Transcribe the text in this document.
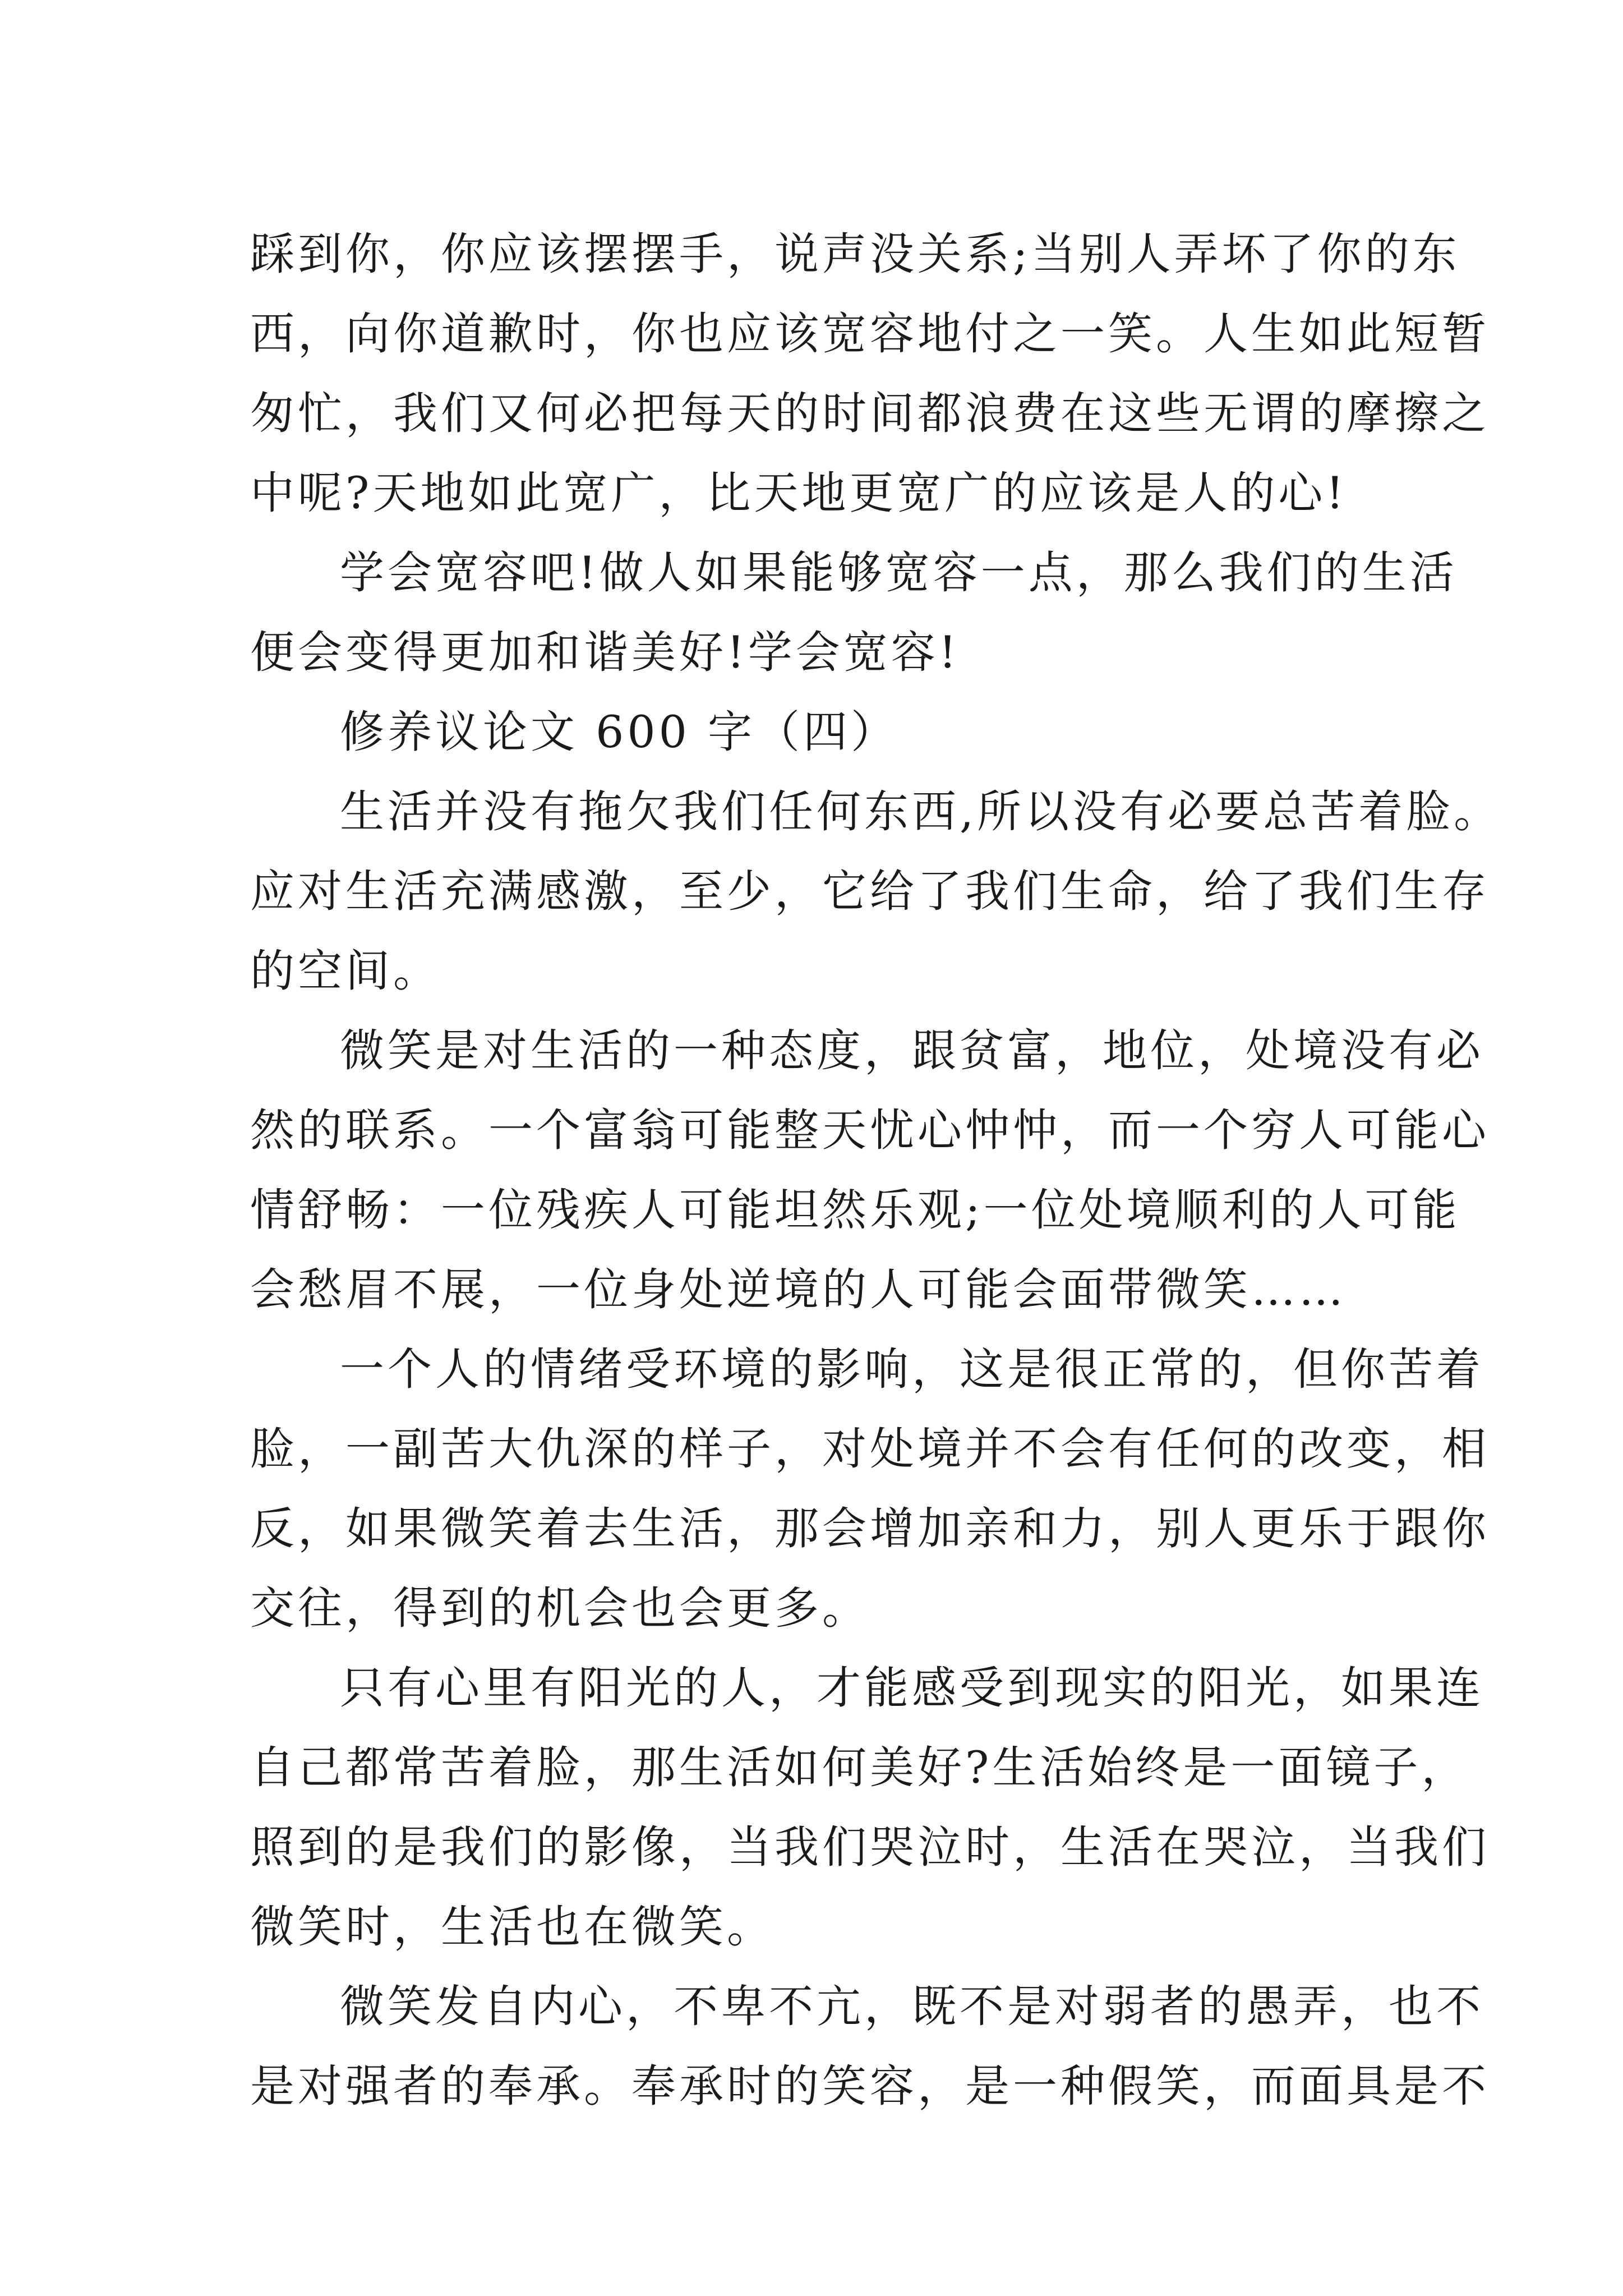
踩到你，你应该摆摆手，说声没关系;当别人弄坏了你的东
西，向你道歉时，你也应该宽容地付之一笑。人生如此短暂
匆忙，我们又何必把每天的时间都浪费在这些无谓的摩擦之
中呢?天地如此宽广，比天地更宽广的应该是人的心!
学会宽容吧!做人如果能够宽容一点，那么我们的生活
便会变得更加和谐美好!学会宽容!
修养议论文 600 字（四）
生活并没有拖欠我们任何东西,所以没有必要总苦着脸。
应对生活充满感激，至少，它给了我们生命，给了我们生存
的空间。
微笑是对生活的一种态度，跟贫富，地位，处境没有必
然的联系。一个富翁可能整天忧心忡忡，而一个穷人可能心
情舒畅：一位残疾人可能坦然乐观;一位处境顺利的人可能
会愁眉不展，一位身处逆境的人可能会面带微笑……
一个人的情绪受环境的影响，这是很正常的，但你苦着
脸，一副苦大仇深的样子，对处境并不会有任何的改变，相
反，如果微笑着去生活，那会增加亲和力，别人更乐于跟你
交往，得到的机会也会更多。
只有心里有阳光的人，才能感受到现实的阳光，如果连
自己都常苦着脸，那生活如何美好?生活始终是一面镜子，
照到的是我们的影像，当我们哭泣时，生活在哭泣，当我们
微笑时，生活也在微笑。
微笑发自内心，不卑不亢，既不是对弱者的愚弄，也不
是对强者的奉承。奉承时的笑容，是一种假笑，而面具是不
